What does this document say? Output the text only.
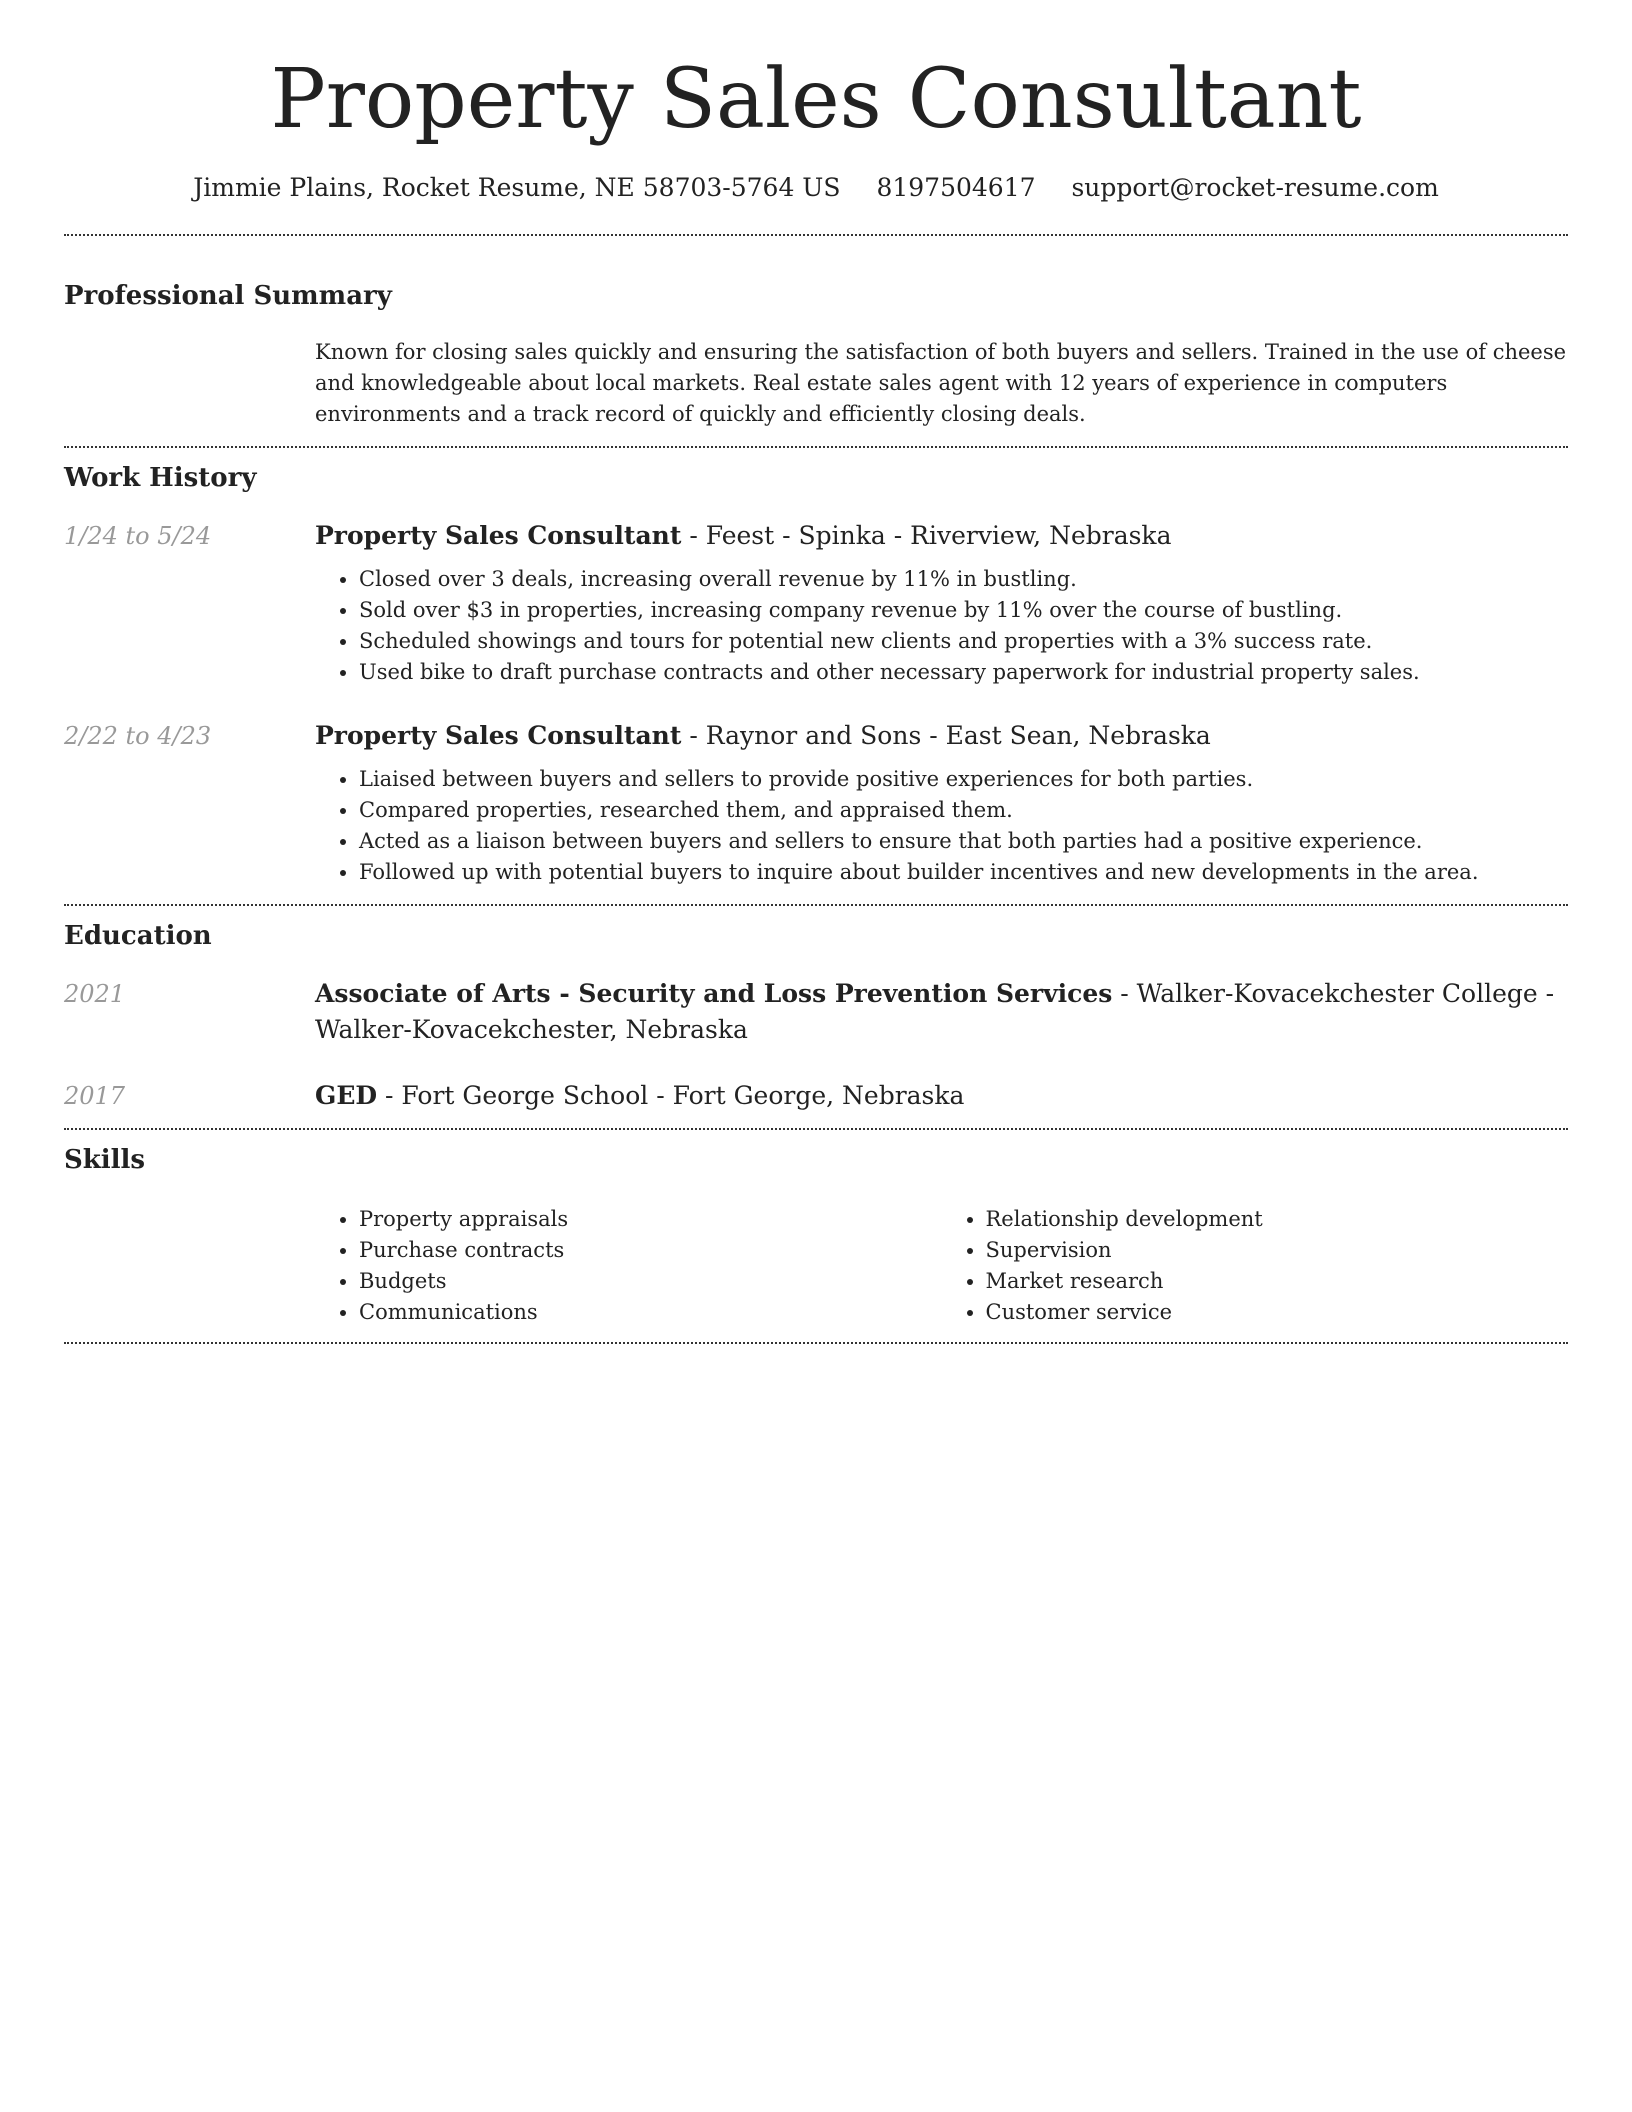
Property Sales Consultant
Jimmie Plains, Rocket Resume, NE 58703-5764 US 8197504617 support@rocket-resume.com
Professional Summary

Known for closing sales quickly and ensuring the satisfaction of both buyers and sellers. Trained in the use of cheese and knowledgeable about local markets. Real estate sales agent with 12 years of experience in computers environments and a track record of quickly and efficiently closing deals.

Work History
1/24 to 5/24	Property Sales Consultant - Feest - Spinka - Riverview, Nebraska
• Closed over 3 deals, increasing overall revenue by 11% in bustling.
• Sold over $3 in properties, increasing company revenue by 11% over the course of bustling.
• Scheduled showings and tours for potential new clients and properties with a 3% success rate.
• Used bike to draft purchase contracts and other necessary paperwork for industrial property sales.
2/22 to 4/23	Property Sales Consultant - Raynor and Sons - East Sean, Nebraska
• Liaised between buyers and sellers to provide positive experiences for both parties.
• Compared properties, researched them, and appraised them.
• Acted as a liaison between buyers and sellers to ensure that both parties had a positive experience.
• Followed up with potential buyers to inquire about builder incentives and new developments in the area.
Education
2021	Associate of Arts - Security and Loss Prevention Services - Walker-Kovacekchester College - Walker-Kovacekchester, Nebraska
2017	GED - Fort George School - Fort George, Nebraska
Skills
• Property appraisals
• Purchase contracts
• Budgets
• Communications
• Relationship development
• Supervision
• Market research
• Customer service
